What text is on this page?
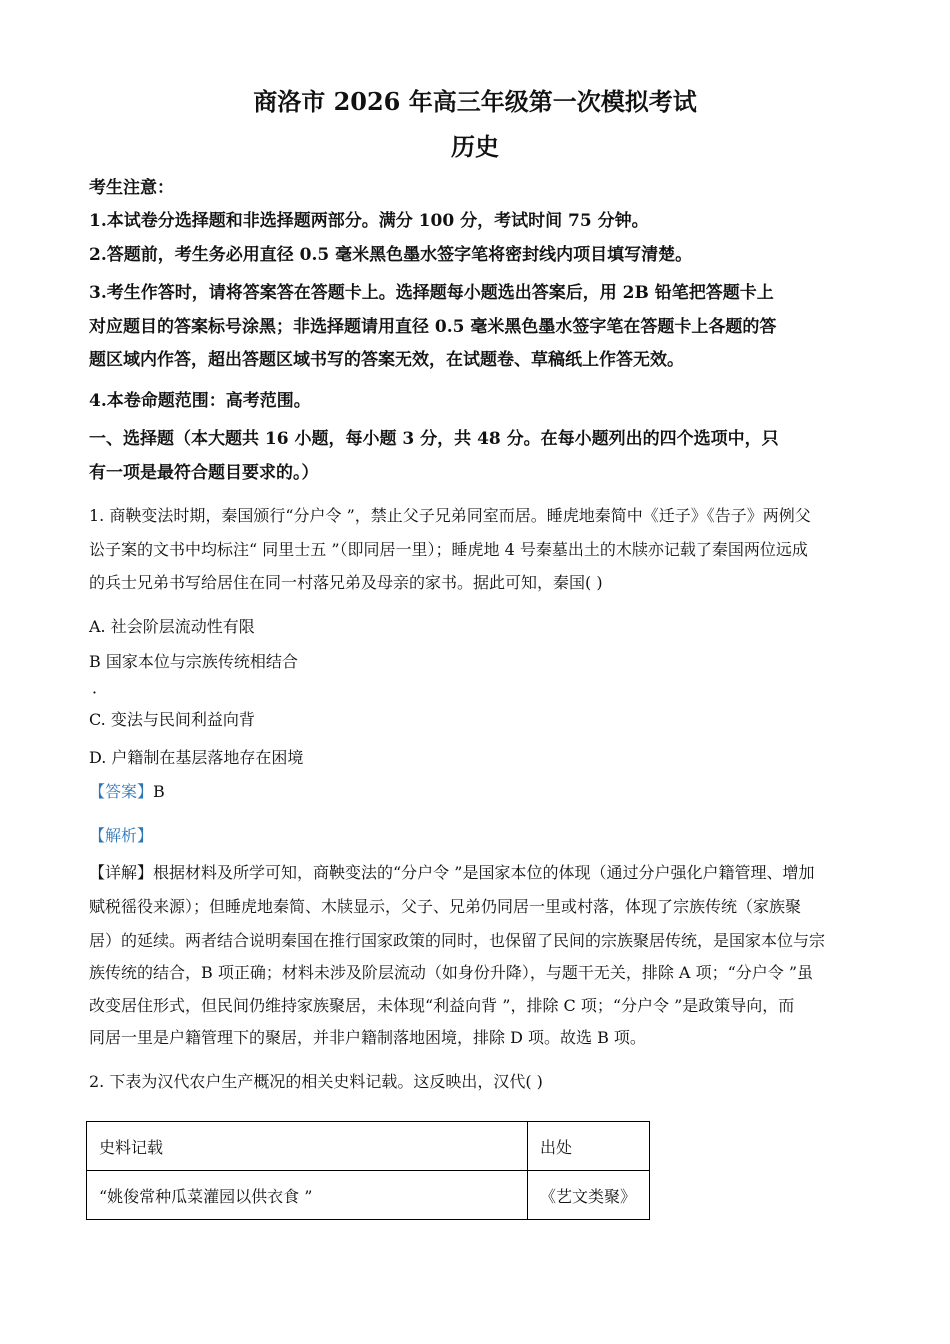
商洛市 2026 年高三年级第一次模拟考试
历史
考生注意：
1.本试卷分选择题和非选择题两部分。满分 100 分，考试时间 75 分钟。
2.答题前，考生务必用直径 0.5 毫米黑色墨水签字笔将密封线内项目填写清楚。
3.考生作答时，请将答案答在答题卡上。选择题每小题选出答案后，用 2B 铅笔把答题卡上
对应题目的答案标号涂黑；非选择题请用直径 0.5 毫米黑色墨水签字笔在答题卡上各题的答
题区域内作答，超出答题区域书写的答案无效，在试题卷、草稿纸上作答无效。
4.本卷命题范围：高考范围。
一、选择题（本大题共 16 小题，每小题 3 分，共 48 分。在每小题列出的四个选项中，只
有一项是最符合题目要求的。）
1. 商鞅变法时期，秦国颁行“分户令 ”，禁止父子兄弟同室而居。睡虎地秦简中《迁子》《告子》两例父
讼子案的文书中均标注“ 同里士五 ”（即同居一里）；睡虎地 4 号秦墓出土的木牍亦记载了秦国两位远成
的兵士兄弟书写给居住在同一村落兄弟及母亲的家书。据此可知，秦国( )
A. 社会阶层流动性有限
B 国家本位与宗族传统相结合
．
C. 变法与民间利益向背
D. 户籍制在基层落地存在困境
【答案】B
【解析】
【详解】根据材料及所学可知，商鞅变法的“分户令 ”是国家本位的体现（通过分户强化户籍管理、增加
赋税徭役来源）；但睡虎地秦简、木牍显示，父子、兄弟仍同居一里或村落，体现了宗族传统（家族聚
居）的延续。两者结合说明秦国在推行国家政策的同时，也保留了民间的宗族聚居传统，是国家本位与宗
族传统的结合，B 项正确；材料未涉及阶层流动（如身份升降），与题干无关，排除 A 项；“分户令 ”虽
改变居住形式，但民间仍维持家族聚居，未体现“利益向背 ”，排除 C 项；“分户令 ”是政策导向，而
同居一里是户籍管理下的聚居，并非户籍制落地困境，排除 D 项。故选 B 项。
2. 下表为汉代农户生产概况的相关史料记载。这反映出，汉代( )
史料记载	出处
“姚俊常种瓜菜灌园以供衣食 ”	《艺文类聚》
